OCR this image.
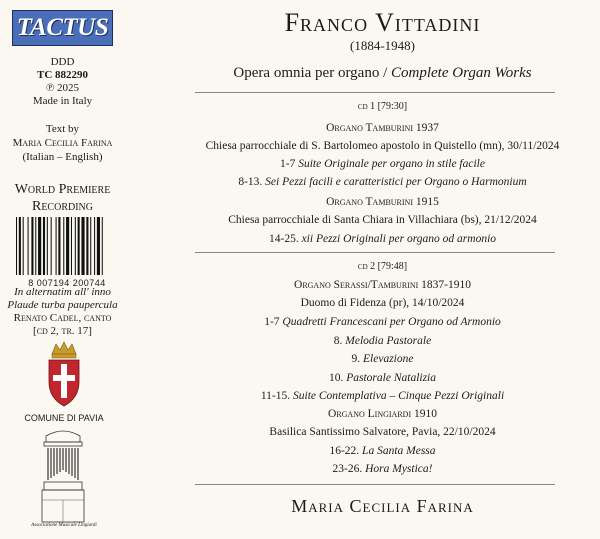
TACTUS
DDD
TC 882290
℗ 2025
Made in Italy
Text by
Maria Cecilia Farina
(Italian – English)
World Premiere
Recording
8 007194 200744
In alternatim all' inno
Plaude turba paupercula
Renato Cadel, canto
[cd 2, tr. 17]
COMUNE DI PAVIA
Associazione Musicale Lingiardi
Franco Vittadini
(1884-1948)
Opera omnia per organo / Complete Organ Works
cd 1 [79:30]
Organo Tamburini 1937
Chiesa parrocchiale di S. Bartolomeo apostolo in Quistello (mn), 30/11/2024
1-7 Suite Originale per organo in stile facile
8-13. Sei Pezzi facili e caratteristici per Organo o Harmonium
Organo Tamburini 1915
Chiesa parrocchiale di Santa Chiara in Villachiara (bs), 21/12/2024
14-25. xii Pezzi Originali per organo od armonio
cd 2 [79:48]
Organo Serassi/Tamburini 1837-1910
Duomo di Fidenza (pr), 14/10/2024
1-7 Quadretti Francescani per Organo od Armonio
8. Melodia Pastorale
9. Elevazione
10. Pastorale Natalizia
11-15. Suite Contemplativa – Cinque Pezzi Originali
Organo Lingiardi 1910
Basilica Santissimo Salvatore, Pavia, 22/10/2024
16-22. La Santa Messa
23-26. Hora Mystica!
Maria Cecilia Farina
